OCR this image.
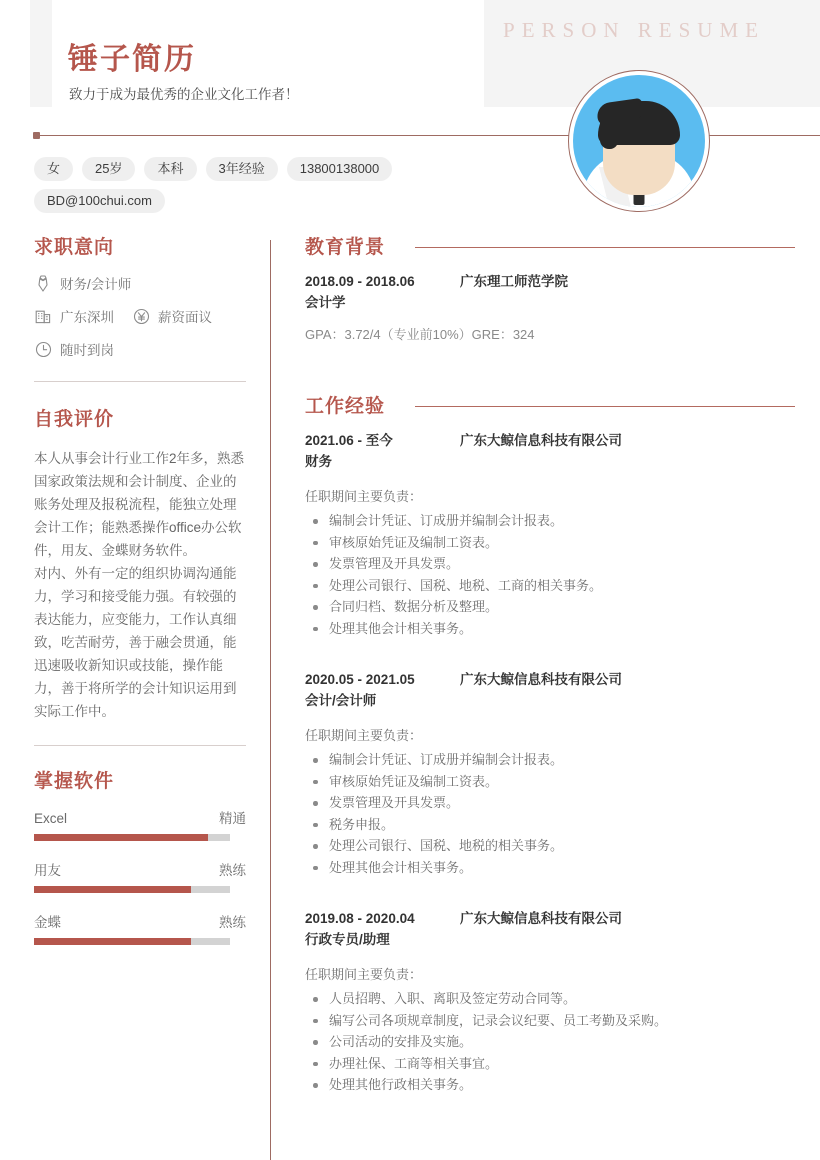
PERSON RESUME
锤子简历
致力于成为最优秀的企业文化工作者！
女	25岁	本科	3年经验	13800138000
BD@100chui.com
求职意向
财务/会计师
广东深圳	薪资面议
随时到岗
自我评价

本人从事会计行业工作2年多，熟悉国家政策法规和会计制度、企业的账务处理及报税流程，能独立处理会计工作；能熟悉操作office办公软件，用友、金蝶财务软件。

对内、外有一定的组织协调沟通能力，学习和接受能力强。有较强的表达能力，应变能力，工作认真细致，吃苦耐劳，善于融会贯通，能迅速吸收新知识或技能，操作能力，善于将所学的会计知识运用到实际工作中。

掌握软件
Excel	精通
用友	熟练
金蝶	熟练
教育背景
2018.09 - 2018.06	广东理工师范学院
会计学
GPA：3.72/4（专业前10%）GRE：324
工作经验
2021.06 - 至今	广东大鲸信息科技有限公司
财务
任职期间主要负责：
编制会计凭证、订成册并编制会计报表。
审核原始凭证及编制工资表。
发票管理及开具发票。
处理公司银行、国税、地税、工商的相关事务。
合同归档、数据分析及整理。
处理其他会计相关事务。
2020.05 - 2021.05	广东大鲸信息科技有限公司
会计/会计师
任职期间主要负责：
编制会计凭证、订成册并编制会计报表。
审核原始凭证及编制工资表。
发票管理及开具发票。
税务申报。
处理公司银行、国税、地税的相关事务。
处理其他会计相关事务。
2019.08 - 2020.04	广东大鲸信息科技有限公司
行政专员/助理
任职期间主要负责：
人员招聘、入职、离职及签定劳动合同等。
编写公司各项规章制度，记录会议纪要、员工考勤及采购。
公司活动的安排及实施。
办理社保、工商等相关事宜。
处理其他行政相关事务。
